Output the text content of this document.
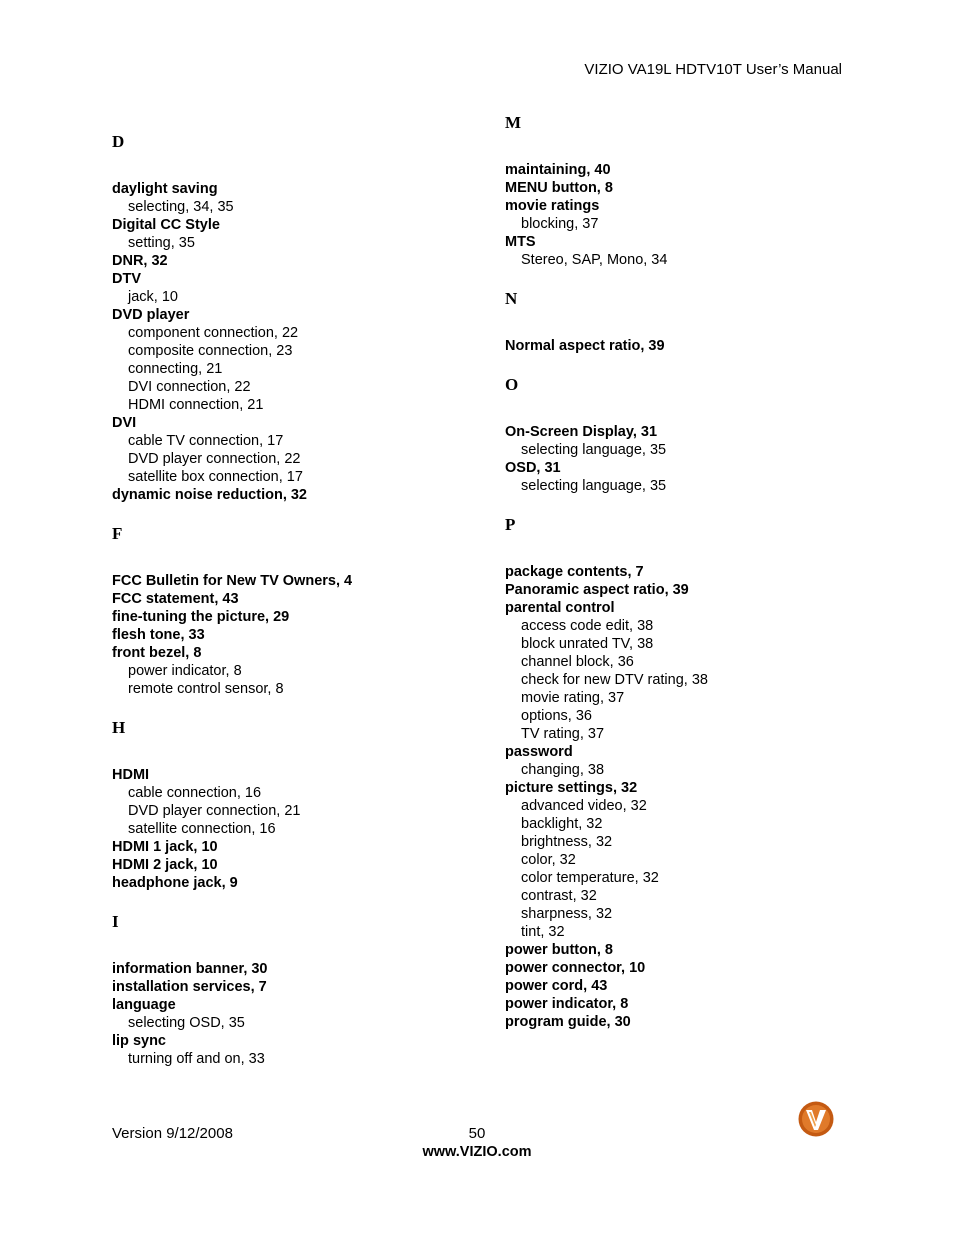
VIZIO VA19L HDTV10T User’s Manual
D
daylight saving
selecting, 34, 35
Digital CC Style
setting, 35
DNR, 32
DTV
jack, 10
DVD player
component connection, 22
composite connection, 23
connecting, 21
DVI connection, 22
HDMI connection, 21
DVI
cable TV connection, 17
DVD player connection, 22
satellite box connection, 17
dynamic noise reduction, 32
F
FCC Bulletin for New TV Owners, 4
FCC statement, 43
fine-tuning the picture, 29
flesh tone, 33
front bezel, 8
power indicator, 8
remote control sensor, 8
H
HDMI
cable connection, 16
DVD player connection, 21
satellite connection, 16
HDMI 1 jack, 10
HDMI 2 jack, 10
headphone jack, 9
I
information banner, 30
installation services, 7
language
selecting OSD, 35
lip sync
turning off and on, 33
M
maintaining, 40
MENU button, 8
movie ratings
blocking, 37
MTS
Stereo, SAP, Mono, 34
N
Normal aspect ratio, 39
O
On-Screen Display, 31
selecting language, 35
OSD, 31
selecting language, 35
P
package contents, 7
Panoramic aspect ratio, 39
parental control
access code edit, 38
block unrated TV, 38
channel block, 36
check for new DTV rating, 38
movie rating, 37
options, 36
TV rating, 37
password
changing, 38
picture settings, 32
advanced video, 32
backlight, 32
brightness, 32
color, 32
color temperature, 32
contrast, 32
sharpness, 32
tint, 32
power button, 8
power connector, 10
power cord, 43
power indicator, 8
program guide, 30
Version 9/12/2008	50
www.VIZIO.com
